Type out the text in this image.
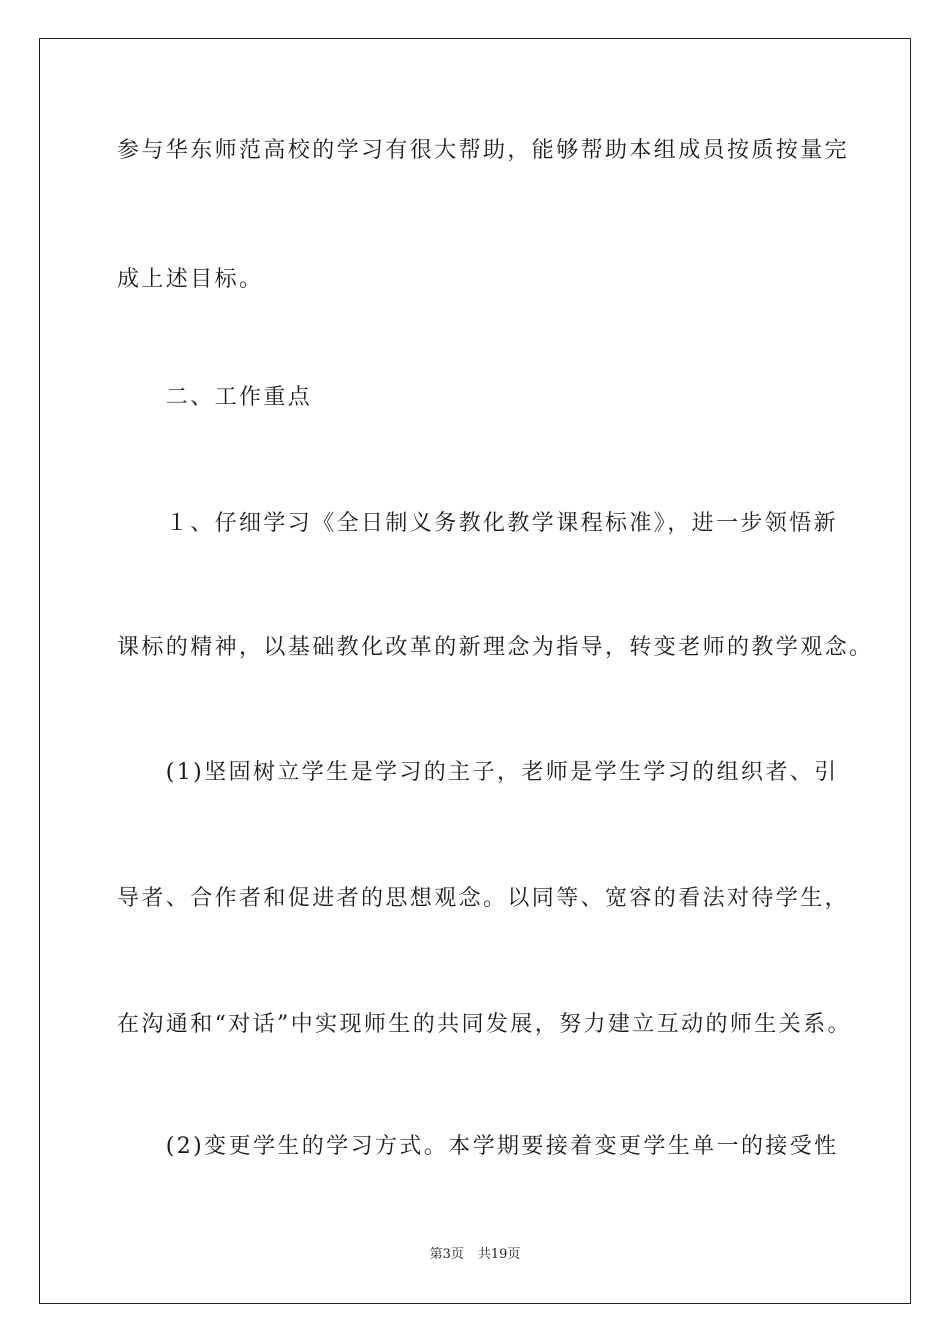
参与华东师范高校的学习有很大帮助，能够帮助本组成员按质按量完
成上述目标。
　　二、工作重点
　　１、仔细学习《全日制义务教化教学课程标准》，进一步领悟新
课标的精神，以基础教化改革的新理念为指导，转变老师的教学观念。
　　(1)坚固树立学生是学习的主子，老师是学生学习的组织者、引
导者、合作者和促进者的思想观念。以同等、宽容的看法对待学生，
在沟通和“对话”中实现师生的共同发展，努力建立互动的师生关系。
　　(2)变更学生的学习方式。本学期要接着变更学生单一的接受性
第3页 共19页
